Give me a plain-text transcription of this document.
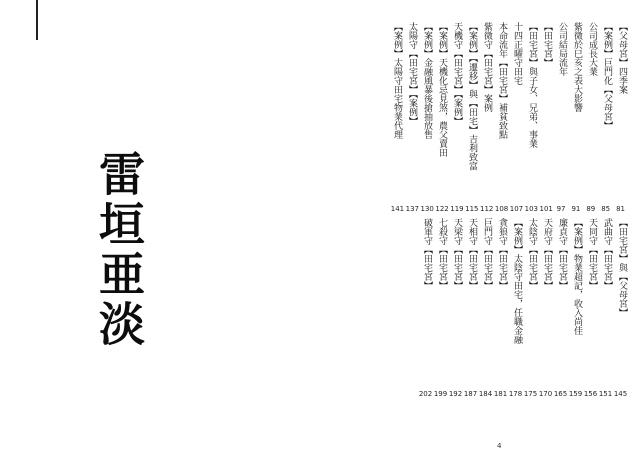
雷垣亜淡
【父母宮】四季案
【案例】巨門化【父母宮】
公司成長大業
紫微於巳亥之表大影響
公司結局流年
【田宅宮】
【田宅宮】與子女、兄弟、事業
十四正曜守田宅
本命流年【田宅宮】補貧致點
紫微守【田宅宮】案例
【案例】【遷移】與【田宅】吉利致富
天機守【田宅宮】【案例】
【案例】天機化忌見煞，農父賣田
【案例】金融風暴後搶抽放售
太陽守【田宅宮】【案例】
【案例】太陽守田宅物業代理
81
85
89
91
97
101
103
107
108
112
115
119
122
130
137
141
【田宅宮】與【父母宮】
武曲守【田宅宮】
天同守【田宅宮】
【案例】物業超記，收入尚佳
廉貞守【田宅宮】
天府守【田宅宮】
太陰守【田宅宮】
【案例】太陰守田宅，任職金融
貪狼守【田宅宮】
巨門守【田宅宮】
天相守【田宅宮】
天梁守【田宅宮】
七殺守【田宅宮】
破軍守【田宅宮】
145
151
156
159
165
170
175
178
181
184
187
192
199
202
4
